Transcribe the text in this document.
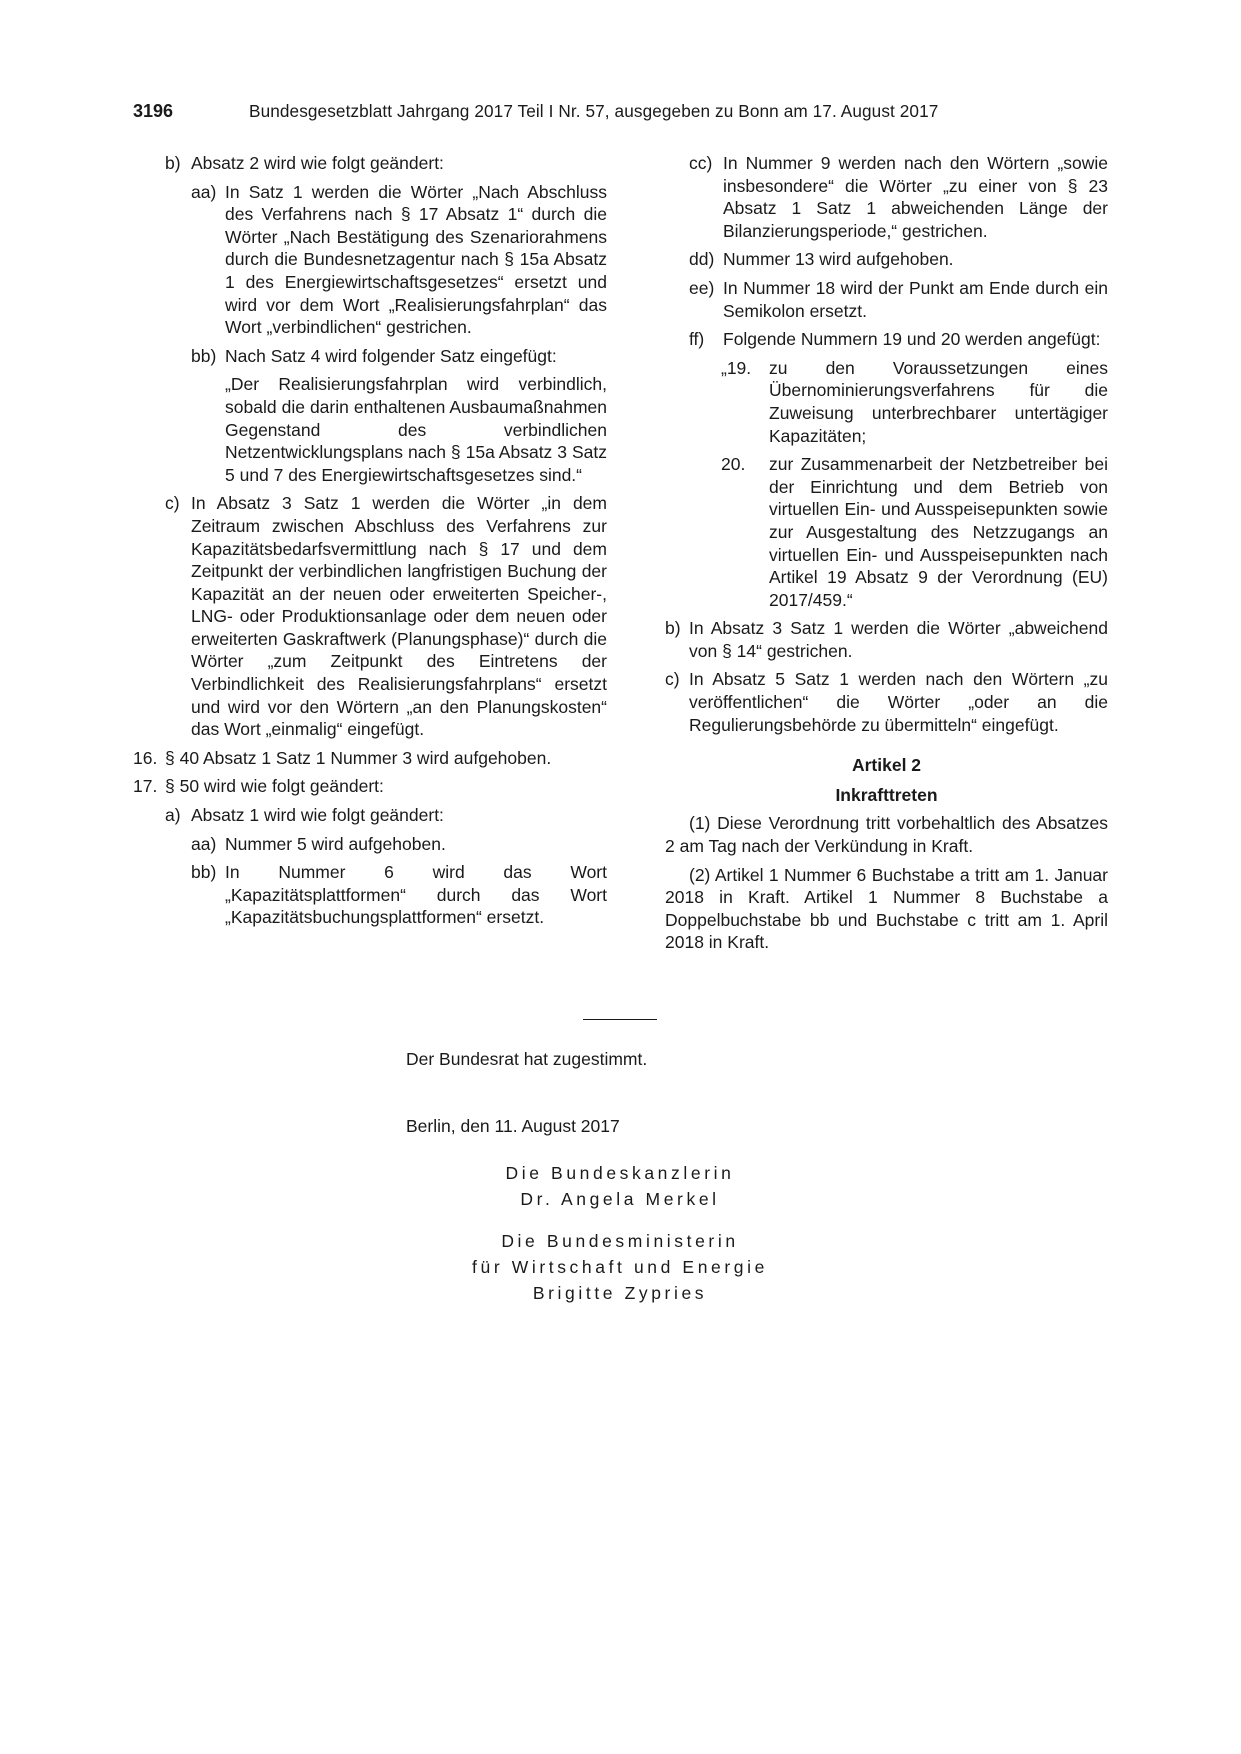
3196	Bundesgesetzblatt Jahrgang 2017 Teil I Nr. 57, ausgegeben zu Bonn am 17. August 2017
b) Absatz 2 wird wie folgt geändert:
aa) In Satz 1 werden die Wörter „Nach Abschluss des Verfahrens nach § 17 Absatz 1“ durch die Wörter „Nach Bestätigung des Szenariorahmens durch die Bundesnetzagentur nach § 15a Absatz 1 des Energiewirtschaftsgesetzes“ ersetzt und wird vor dem Wort „Realisierungsfahrplan“ das Wort „verbindlichen“ gestrichen.
bb) Nach Satz 4 wird folgender Satz eingefügt:
„Der Realisierungsfahrplan wird verbindlich, sobald die darin enthaltenen Ausbaumaßnahmen Gegenstand des verbindlichen Netzentwicklungsplans nach § 15a Absatz 3 Satz 5 und 7 des Energiewirtschaftsgesetzes sind.“
c) In Absatz 3 Satz 1 werden die Wörter „in dem Zeitraum zwischen Abschluss des Verfahrens zur Kapazitätsbedarfsvermittlung nach § 17 und dem Zeitpunkt der verbindlichen langfristigen Buchung der Kapazität an der neuen oder erweiterten Speicher-, LNG- oder Produktionsanlage oder dem neuen oder erweiterten Gaskraftwerk (Planungsphase)“ durch die Wörter „zum Zeitpunkt des Eintretens der Verbindlichkeit des Realisierungsfahrplans“ ersetzt und wird vor den Wörtern „an den Planungskosten“ das Wort „einmalig“ eingefügt.
16. § 40 Absatz 1 Satz 1 Nummer 3 wird aufgehoben.
17. § 50 wird wie folgt geändert:
a) Absatz 1 wird wie folgt geändert:
aa) Nummer 5 wird aufgehoben.
bb) In Nummer 6 wird das Wort „Kapazitätsplattformen“ durch das Wort „Kapazitätsbuchungsplattformen“ ersetzt.
cc) In Nummer 9 werden nach den Wörtern „sowie insbesondere“ die Wörter „zu einer von § 23 Absatz 1 Satz 1 abweichenden Länge der Bilanzierungsperiode,“ gestrichen.
dd) Nummer 13 wird aufgehoben.
ee) In Nummer 18 wird der Punkt am Ende durch ein Semikolon ersetzt.
ff) Folgende Nummern 19 und 20 werden angefügt:
„19. zu den Voraussetzungen eines Übernominierungsverfahrens für die Zuweisung unterbrechbarer untertägiger Kapazitäten;
20. zur Zusammenarbeit der Netzbetreiber bei der Einrichtung und dem Betrieb von virtuellen Ein- und Ausspeisepunkten sowie zur Ausgestaltung des Netzzugangs an virtuellen Ein- und Ausspeisepunkten nach Artikel 19 Absatz 9 der Verordnung (EU) 2017/459.“
b) In Absatz 3 Satz 1 werden die Wörter „abweichend von § 14“ gestrichen.
c) In Absatz 5 Satz 1 werden nach den Wörtern „zu veröffentlichen“ die Wörter „oder an die Regulierungsbehörde zu übermitteln“ eingefügt.

Artikel 2

Inkrafttreten

(1) Diese Verordnung tritt vorbehaltlich des Absatzes 2 am Tag nach der Verkündung in Kraft.

(2) Artikel 1 Nummer 6 Buchstabe a tritt am 1. Januar 2018 in Kraft. Artikel 1 Nummer 8 Buchstabe a Doppelbuchstabe bb und Buchstabe c tritt am 1. April 2018 in Kraft.

Der Bundesrat hat zugestimmt.
Berlin, den 11. August 2017
Die Bundeskanzlerin
Dr. Angela Merkel
Die Bundesministerin
für Wirtschaft und Energie
Brigitte Zypries
